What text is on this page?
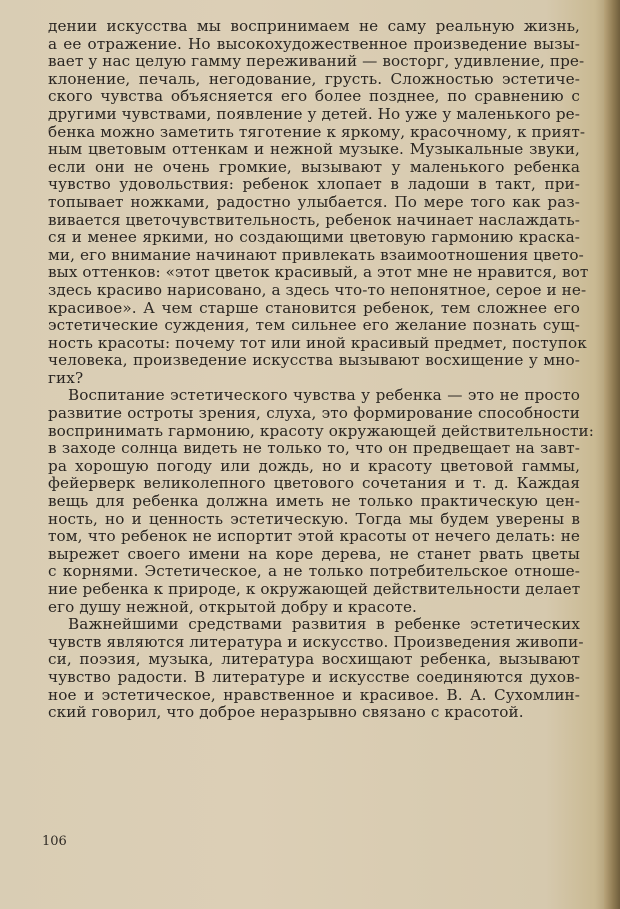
дении искусства мы воспринимаем не саму реальную жизнь,
а ее отражение. Но высокохудожественное произведение вызы-
вает у нас целую гамму переживаний — восторг, удивление, пре-
клонение, печаль, негодование, грусть. Сложностью эстетиче-
ского чувства объясняется его более позднее, по сравнению с
другими чувствами, появление у детей. Но уже у маленького ре-
бенка можно заметить тяготение к яркому, красочному, к прият-
ным цветовым оттенкам и нежной музыке. Музыкальные звуки,
если они не очень громкие, вызывают у маленького ребенка
чувство удовольствия: ребенок хлопает в ладоши в такт, при-
топывает ножками, радостно улыбается. По мере того как раз-
вивается цветочувствительность, ребенок начинает наслаждать-
ся и менее яркими, но создающими цветовую гармонию краска-
ми, его внимание начинают привлекать взаимоотношения цвето-
вых оттенков: «этот цветок красивый, а этот мне не нравится, вот
здесь красиво нарисовано, а здесь что-то непонятное, серое и не-
красивое». А чем старше становится ребенок, тем сложнее его
эстетические суждения, тем сильнее его желание познать сущ-
ность красоты: почему тот или иной красивый предмет, поступок
человека, произведение искусства вызывают восхищение у мно-
гих?
Воспитание эстетического чувства у ребенка — это не просто
развитие остроты зрения, слуха, это формирование способности
воспринимать гармонию, красоту окружающей действительности:
в заходе солнца видеть не только то, что он предвещает на завт-
ра хорошую погоду или дождь, но и красоту цветовой гаммы,
фейерверк великолепного цветового сочетания и т. д. Каждая
вещь для ребенка должна иметь не только практическую цен-
ность, но и ценность эстетическую. Тогда мы будем уверены в
том, что ребенок не испортит этой красоты от нечего делать: не
вырежет своего имени на коре дерева, не станет рвать цветы
с корнями. Эстетическое, а не только потребительское отноше-
ние ребенка к природе, к окружающей действительности делает
его душу нежной, открытой добру и красоте.
Важнейшими средствами развития в ребенке эстетических
чувств являются литература и искусство. Произведения живопи-
си, поэзия, музыка, литература восхищают ребенка, вызывают
чувство радости. В литературе и искусстве соединяются духов-
ное и эстетическое, нравственное и красивое. В. А. Сухомлин-
ский говорил, что доброе неразрывно связано с красотой.
106
